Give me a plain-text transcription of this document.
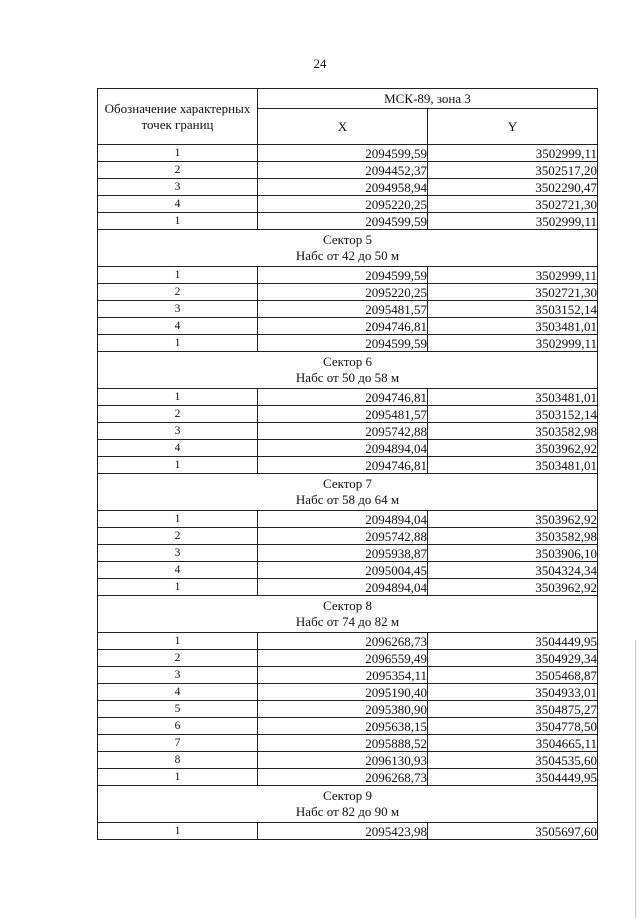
24
Обозначение характерных точек границ	МСК-89, зона 3	
	X	Y
1	2094599,59	3502999,11
2	2094452,37	3502517,20
3	2094958,94	3502290,47
4	2095220,25	3502721,30
1	2094599,59	3502999,11

Сектор 5
Набс от 42 до 50 м		

1	2094599,59	3502999,11
2	2095220,25	3502721,30
3	2095481,57	3503152,14
4	2094746,81	3503481,01
1	2094599,59	3502999,11

Сектор 6
Набс от 50 до 58 м		

1	2094746,81	3503481,01
2	2095481,57	3503152,14
3	2095742,88	3503582,98
4	2094894,04	3503962,92
1	2094746,81	3503481,01

Сектор 7
Набс от 58 до 64 м		

1	2094894,04	3503962,92
2	2095742,88	3503582,98
3	2095938,87	3503906,10
4	2095004,45	3504324,34
1	2094894,04	3503962,92

Сектор 8
Набс от 74 до 82 м		

1	2096268,73	3504449,95
2	2096559,49	3504929,34
3	2095354,11	3505468,87
4	2095190,40	3504933,01
5	2095380,90	3504875,27
6	2095638,15	3504778,50
7	2095888,52	3504665,11
8	2096130,93	3504535,60
1	2096268,73	3504449,95

Сектор 9
Набс от 82 до 90 м		

1	2095423,98	3505697,60
